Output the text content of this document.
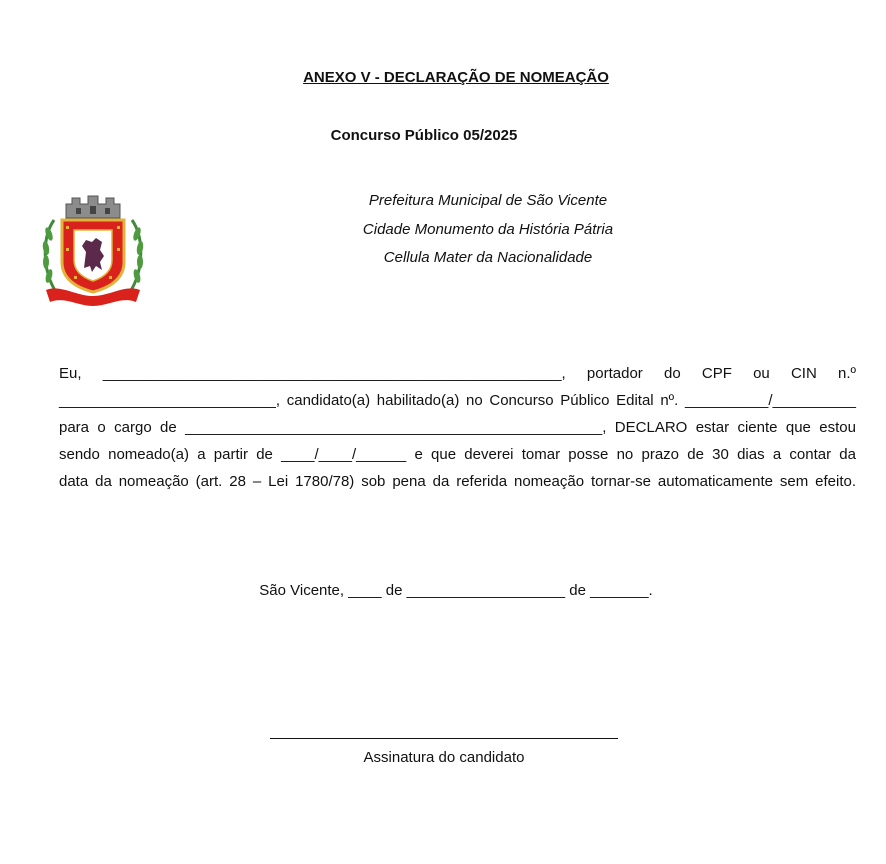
ANEXO V - DECLARAÇÃO DE NOMEAÇÃO
Concurso Público 05/2025
Prefeitura Municipal de São Vicente
Cidade Monumento da História Pátria
Cellula Mater da Nacionalidade
Eu, _______________________________________________________, portador do CPF ou CIN n.º
__________________________, candidato(a) habilitado(a) no Concurso Público Edital nº. __________/__________
para o cargo de __________________________________________________, DECLARO estar ciente que estou
sendo nomeado(a) a partir de ____/____/______ e que deverei tomar posse no prazo de 30 dias a contar da
data da nomeação (art. 28 – Lei 1780/78) sob pena da referida nomeação tornar-se automaticamente sem efeito.
São Vicente, ____ de ___________________ de _______.
Assinatura do candidato
